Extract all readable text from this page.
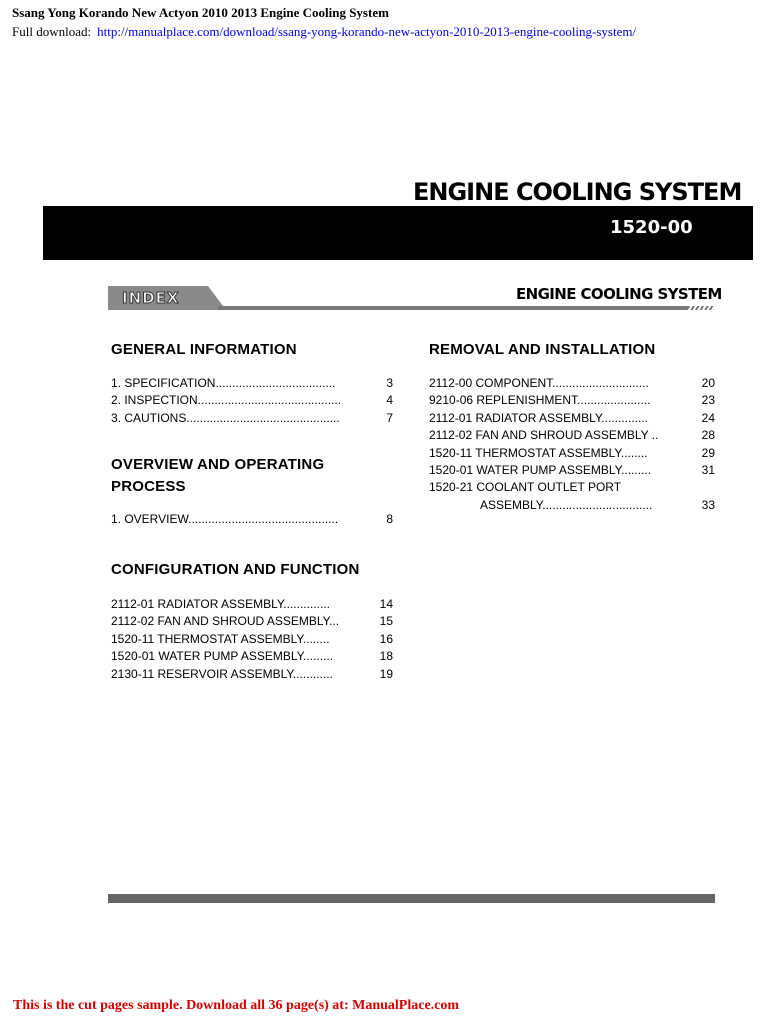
Ssang Yong Korando New Actyon 2010 2013 Engine Cooling System
Full download: http://manualplace.com/download/ssang-yong-korando-new-actyon-2010-2013-engine-cooling-system/
ENGINE COOLING SYSTEM
1520-00
INDEX	ENGINE COOLING SYSTEM
GENERAL INFORMATION
1. SPECIFICATION....................................	3
2. INSPECTION...........................................	4
3. CAUTIONS..............................................	7
OVERVIEW AND OPERATING
PROCESS
1. OVERVIEW.............................................	8
CONFIGURATION AND FUNCTION
2112-01 RADIATOR ASSEMBLY..............	14
2112-02 FAN AND SHROUD ASSEMBLY...	15
1520-11 THERMOSTAT ASSEMBLY........	16
1520-01 WATER PUMP ASSEMBLY.........	18
2130-11 RESERVOIR ASSEMBLY............	19
REMOVAL AND INSTALLATION
2112-00 COMPONENT.............................	20
9210-06 REPLENISHMENT......................	23
2112-01 RADIATOR ASSEMBLY..............	24
2112-02 FAN AND SHROUD ASSEMBLY ..	28
1520-11 THERMOSTAT ASSEMBLY........	29
1520-01 WATER PUMP ASSEMBLY.........	31
1520-21 COOLANT OUTLET PORT
ASSEMBLY.................................	33
This is the cut pages sample. Download all 36 page(s) at: ManualPlace.com
